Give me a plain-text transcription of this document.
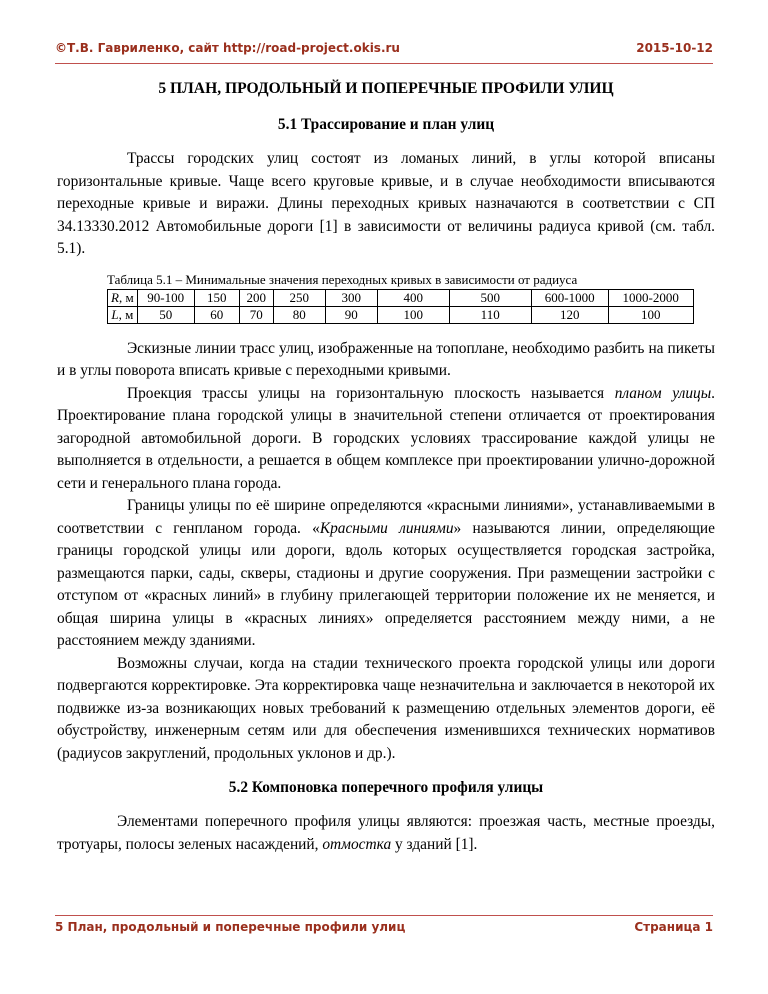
©Т.В. Гавриленко, сайт http://road-project.okis.ru	2015-10-12
5 ПЛАН, ПРОДОЛЬНЫЙ И ПОПЕРЕЧНЫЕ ПРОФИЛИ УЛИЦ
5.1 Трассирование и план улиц

Трассы городских улиц состоят из ломаных линий, в углы которой вписаны горизонтальные кривые. Чаще всего круговые кривые, и в случае необходимости вписываются переходные кривые и виражи. Длины переходных кривых назначаются в соответствии с СП 34.13330.2012 Автомобильные дороги [1] в зависимости от величины радиуса кривой (см. табл. 5.1).

Таблица 5.1 – Минимальные значения переходных кривых в зависимости от радиуса
R, м	90-100	150	200	250	300	400	500	600-1000	1000-2000
L, м	50	60	70	80	90	100	110	120	100

Эскизные линии трасс улиц, изображенные на топоплане, необходимо разбить на пикеты и в углы поворота вписать кривые с переходными кривыми.

Проекция трассы улицы на горизонтальную плоскость называется планом улицы. Проектирование плана городской улицы в значительной степени отличается от проектирования загородной автомобильной дороги. В городских условиях трассирование каждой улицы не выполняется в отдельности, а решается в общем комплексе при проектировании улично-дорожной сети и генерального плана города.

Границы улицы по её ширине определяются «красными линиями», устанавливаемыми в соответствии с генпланом города. «Красными линиями» называются линии, определяющие границы городской улицы или дороги, вдоль которых осуществляется городская застройка, размещаются парки, сады, скверы, стадионы и другие сооружения. При размещении застройки с отступом от «красных линий» в глубину прилегающей территории положение их не меняется, и общая ширина улицы в «красных линиях» определяется расстоянием между ними, а не расстоянием между зданиями.

Возможны случаи, когда на стадии технического проекта городской улицы или дороги подвергаются корректировке. Эта корректировка чаще незначительна и заключается в некоторой их подвижке из-за возникающих новых требований к размещению отдельных элементов дороги, её обустройству, инженерным сетям или для обеспечения изменившихся технических нормативов (радиусов закруглений, продольных уклонов и др.).

5.2 Компоновка поперечного профиля улицы

Элементами поперечного профиля улицы являются: проезжая часть, местные проезды, тротуары, полосы зеленых насаждений, отмостка у зданий [1].

5 План, продольный и поперечные профили улиц	Страница 1
